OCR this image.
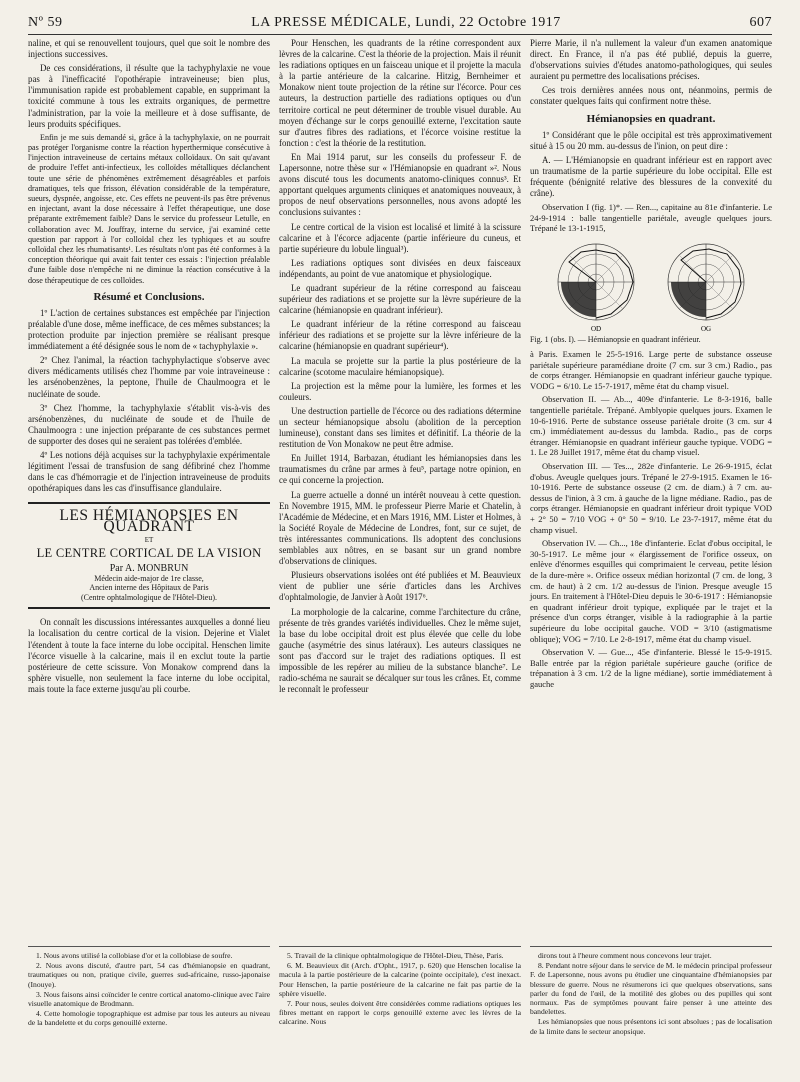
Nº 59	LA PRESSE MÉDICALE, Lundi, 22 Octobre 1917	607

naline, et qui se renouvellent toujours, quel que soit le nombre des injections successives.

De ces considérations, il résulte que la tachyphylaxie ne voue pas à l'inefficacité l'opothérapie intraveineuse; bien plus, l'immunisation rapide est probablement capable, en supprimant la toxicité commune à tous les extraits organiques, de permettre l'administration, par la voie la meilleure et à dose suffisante, de leurs produits spécifiques.

Enfin je me suis demandé si, grâce à la tachyphylaxie, on ne pourrait pas protéger l'organisme contre la réaction hyperthermique consécutive à l'injection intraveineuse de certains métaux colloïdaux. On sait qu'avant de produire l'effet anti-infectieux, les colloïdes métalliques déclanchent toute une série de phénomènes extrêmement désagréables et parfois dramatiques, tels que frisson, élévation considérable de la température, sueurs, dyspnée, angoisse, etc. Ces effets ne peuvent-ils pas être prévenus en injectant, avant la dose nécessaire à l'effet thérapeutique, une dose préparante extrêmement faible? Dans le service du professeur Letulle, en collaboration avec M. Jouffray, interne du service, j'ai examiné cette question par rapport à l'or colloïdal chez les typhiques et au soufre colloïdal chez les rhumatisants¹. Les résultats n'ont pas été conformes à la conception théorique qui avait fait tenter ces essais : l'injection préalable d'une faible dose n'empêche ni ne diminue la réaction consécutive à la dose thérapeutique de ces colloïdes.

Résumé et Conclusions.

1º L'action de certaines substances est empêchée par l'injection préalable d'une dose, même inefficace, de ces mêmes substances; la protection produite par injection première se réalisant presque immédiatement a été désignée sous le nom de « tachyphylaxie ».

2º Chez l'animal, la réaction tachyphylactique s'observe avec divers médicaments utilisés chez l'homme par voie intraveineuse : les arsénobenzènes, la peptone, l'huile de Chaulmoogra et le nucléinate de soude.

3º Chez l'homme, la tachyphylaxie s'établit vis-à-vis des arsénobenzènes, du nucléinate de soude et de l'huile de Chaulmoogra : une injection préparante de ces substances permet de supporter des doses qui ne seraient pas tolérées d'emblée.

4º Les notions déjà acquises sur la tachyphylaxie expérimentale légitiment l'essai de transfusion de sang défibriné chez l'homme dans le cas d'hémorragie et de l'injection intraveineuse de produits opothérapiques dans les cas d'insuffisance glandulaire.

LES HÉMIANOPSIES EN QUADRANT
ET
LE CENTRE CORTICAL DE LA VISION
Par A. MONBRUN
Médecin aide-major de 1re classe,
Ancien interne des Hôpitaux de Paris
(Centre ophtalmologique de l'Hôtel-Dieu).

On connaît les discussions intéressantes auxquelles a donné lieu la localisation du centre cortical de la vision. Dejerine et Vialet l'étendent à toute la face interne du lobe occipital. Henschen limite l'écorce visuelle à la calcarine, mais il en exclut toute la partie postérieure de cette scissure. Von Monakow comprend dans la sphère visuelle, non seulement la face interne du lobe occipital, mais toute la face externe jusqu'au pli courbe.

1. Nous avons utilisé la collobiase d'or et la collobiase de soufre.

2. Nous avons discuté, d'autre part, 54 cas d'hémianopsie en quadrant, traumatiques ou non, pratique civile, guerres sud-africaine, russo-japonaise (Inouye).

3. Nous faisons ainsi coïncider le centre cortical anatomo-clinique avec l'aire visuelle anatomique de Brodmann.

4. Cette homologie topographique est admise par tous les auteurs au niveau de la bandelette et du corps genouillé externe.

Pour Henschen, les quadrants de la rétine correspondent aux lèvres de la calcarine. C'est la théorie de la projection. Mais il réunit les radiations optiques en un faisceau unique et il projette la macula à la partie antérieure de la calcarine. Hitzig, Bernheimer et Monakow nient toute projection de la rétine sur l'écorce. Pour ces auteurs, la destruction partielle des radiations optiques ou d'un territoire cortical ne peut déterminer de trouble visuel durable. Au moyen d'échange sur le corps genouillé externe, l'excitation saute sur d'autres fibres des radiations, et l'écorce voisine restitue la fonction : c'est la théorie de la restitution.

En Mai 1914 parut, sur les conseils du professeur F. de Lapersonne, notre thèse sur « l'Hémianopsie en quadrant »². Nous avons discuté tous les documents anatomo-cliniques connus³. Et apportant quelques arguments cliniques et anatomiques nouveaux, à propos de neuf observations personnelles, nous avons adopté les conclusions suivantes :

Le centre cortical de la vision est localisé et limité à la scissure calcarine et à l'écorce adjacente (partie inférieure du cuneus, et partie supérieure du lobule lingual³).

Les radiations optiques sont divisées en deux faisceaux indépendants, au point de vue anatomique et physiologique.

Le quadrant supérieur de la rétine correspond au faisceau supérieur des radiations et se projette sur la lèvre supérieure de la calcarine (hémianopsie en quadrant inférieur).

Le quadrant inférieur de la rétine correspond au faisceau inférieur des radiations et se projette sur la lèvre inférieure de la calcarine (hémianopsie en quadrant supérieur⁴).

La macula se projette sur la partie la plus postérieure de la calcarine (scotome maculaire hémianopsique).

La projection est la même pour la lumière, les formes et les couleurs.

Une destruction partielle de l'écorce ou des radiations détermine un secteur hémianopsique absolu (abolition de la perception lumineuse), constant dans ses limites et définitif. La théorie de la restitution de Von Monakow ne peut être admise.

En Juillet 1914, Barbazan, étudiant les hémianopsies dans les traumatismes du crâne par armes à feu⁵, partage notre opinion, en ce qui concerne la projection.

La guerre actuelle a donné un intérêt nouveau à cette question. En Novembre 1915, MM. le professeur Pierre Marie et Chatelin, à l'Académie de Médecine, et en Mars 1916, MM. Lister et Holmes, à la Société Royale de Médecine de Londres, font, sur ce sujet, de très intéressantes communications. Ils adoptent des conclusions semblables aux nôtres, en se basant sur un grand nombre d'observations de cliniques.

Plusieurs observations isolées ont été publiées et M. Beauvieux vient de publier une série d'articles dans les Archives d'ophtalmologie, de Janvier à Août 1917⁶.

La morphologie de la calcarine, comme l'architecture du crâne, présente de très grandes variétés individuelles. Chez le même sujet, la base du lobe occipital droit est plus élevée que celle du lobe gauche (asymétrie des sinus latéraux). Les auteurs classiques ne sont pas d'accord sur le trajet des radiations optiques. Il est impossible de les repérer au milieu de la substance blanche⁷. Le radio-schéma ne saurait se décalquer sur tous les crânes. Et, comme le reconnaît le professeur

5. Travail de la clinique ophtalmologique de l'Hôtel-Dieu, Thèse, Paris.

6. M. Beauvieux dit (Arch. d'Opht., 1917, p. 620) que Henschen localise la macula à la partie postérieure de la calcarine (pointe occipitale), c'est inexact. Pour Henschen, la partie postérieure de la calcarine ne fait pas partie de la sphère visuelle.

7. Pour nous, seules doivent être considérées comme radiations optiques les fibres mettant en rapport le corps genouillé externe avec les lèvres de la calcarine. Nous

Pierre Marie, il n'a nullement la valeur d'un examen anatomique direct. En France, il n'a pas été publié, depuis la guerre, d'observations suivies d'études anatomo-pathologiques, qui seules auraient pu permettre des localisations précises.

Ces trois dernières années nous ont, néanmoins, permis de constater quelques faits qui confirment notre thèse.

Hémianopsies en quadrant.

1º Considérant que le pôle occipital est très approximativement situé à 15 ou 20 mm. au-dessus de l'inion, on peut dire :

A. — L'Hémianopsie en quadrant inférieur est en rapport avec un traumatisme de la partie supérieure du lobe occipital. Elle est fréquente (bénignité relative des blessures de la convexité du crâne).

Observation I (fig. 1)*. — Ren..., capitaine au 81e d'infanterie. Le 24-9-1914 : balle tangentielle pariétale, aveugle quelques jours. Trépané le 13-1-1915,

OD	OG
Fig. 1 (obs. I). — Hémianopsie en quadrant inférieur.

à Paris. Examen le 25-5-1916. Large perte de substance osseuse pariétale supérieure paramédiane droite (7 cm. sur 3 cm.) Radio., pas de corps étranger. Hémianopsie en quadrant inférieur gauche typique. VODG = 6/10. Le 15-7-1917, même état du champ visuel.

Observation II. — Ab..., 409e d'infanterie. Le 8-3-1916, balle tangentielle pariétale. Trépané. Amblyopie quelques jours. Examen le 10-6-1916. Perte de substance osseuse pariétale droite (3 cm. sur 4 cm.) immédiatement au-dessus du lambda. Radio., pas de corps étranger. Hémianopsie en quadrant inférieur gauche typique. VODG = 1. Le 28 Juillet 1917, même état du champ visuel.

Observation III. — Tes..., 282e d'infanterie. Le 26-9-1915, éclat d'obus. Aveugle quelques jours. Trépané le 27-9-1915. Examen le 16-10-1916. Perte de substance osseuse (2 cm. de diam.) à 7 cm. au-dessus de l'inion, à 3 cm. à gauche de la ligne médiane. Radio., pas de corps étranger. Hémianopsie en quadrant inférieur droit typique VOD + 2° 50 = 7/10 VOG + 0° 50 = 9/10. Le 23-7-1917, même état du champ visuel.

Observation IV. — Ch..., 18e d'infanterie. Eclat d'obus occipital, le 30-5-1917. Le même jour « élargissement de l'orifice osseux, on enlève d'énormes esquilles qui comprimaient le cerveau, petite lésion de la dure-mère ». Orifice osseux médian horizontal (7 cm. de long, 3 cm. de haut) à 2 cm. 1/2 au-dessus de l'inion. Presque aveugle 15 jours. En traitement à l'Hôtel-Dieu depuis le 30-6-1917 : Hémianopsie en quadrant inférieur droit typique, expliquée par le trajet et la présence d'un corps étranger, visible à la radiographie à la partie supérieure du lobe occipital gauche. VOD = 3/10 (astigmatisme oblique); VOG = 7/10. Le 2-8-1917, même état du champ visuel.

Observation V. — Gue..., 45e d'infanterie. Blessé le 15-9-1915. Balle entrée par la région pariétale supérieure gauche (orifice de trépanation à 3 cm. 1/2 de la ligne médiane), sortie immédiatement à gauche

dirons tout à l'heure comment nous concevons leur trajet.

8. Pendant notre séjour dans le service de M. le médecin principal professeur F. de Lapersonne, nous avons pu étudier une cinquantaine d'hémianopsies par blessure de guerre. Nous ne résumerons ici que quelques observations, sans parler du fond de l'œil, de la motilité des globes ou des pupilles qui sont normaux. Pas de symptômes pouvant faire penser à une atteinte des bandelettes.

Les hémianopsies que nous présentons ici sont absolues ; pas de localisation de la limite dans le secteur anopsique.
